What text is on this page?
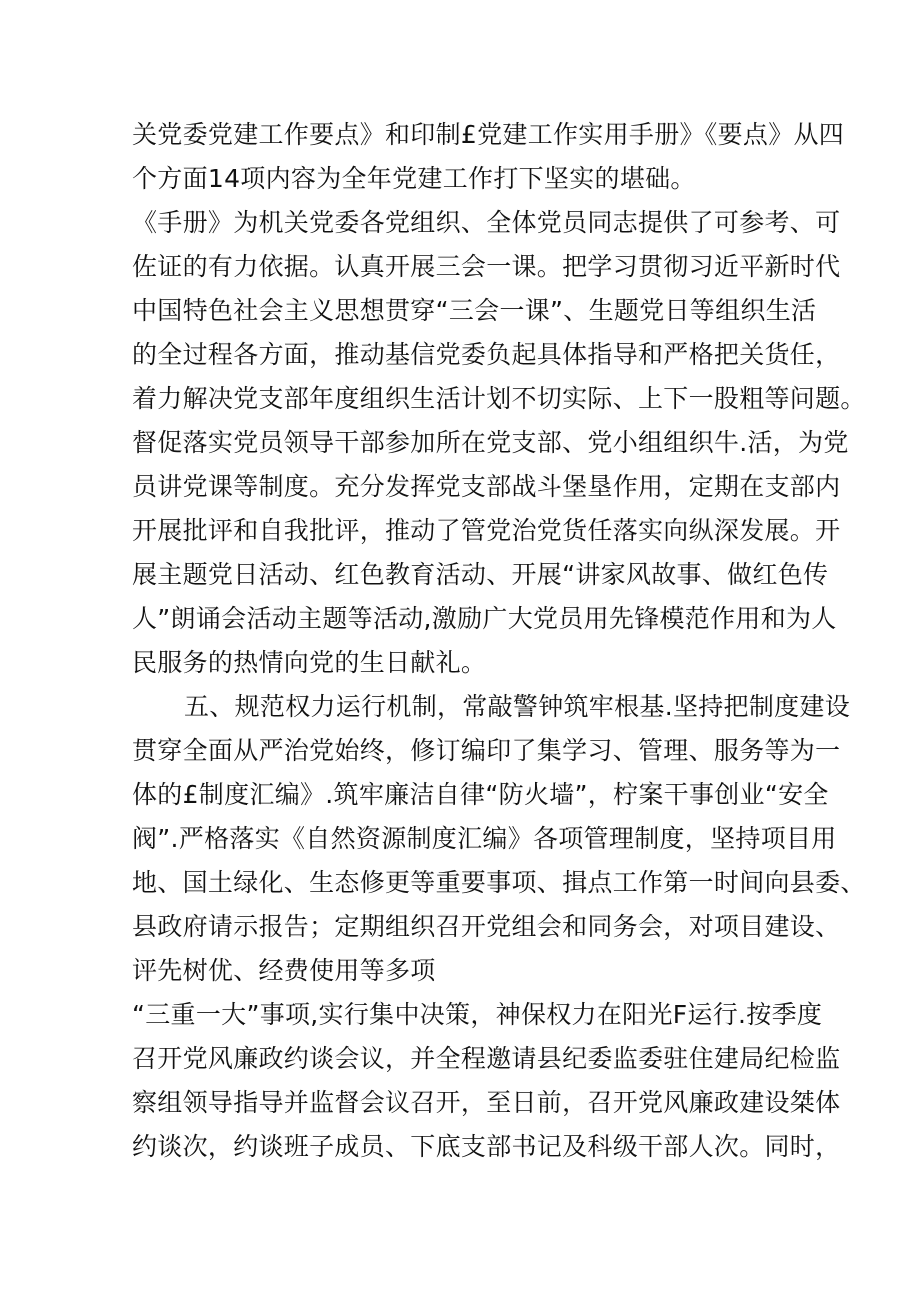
关党委党建工作要点》和印制£党建工作实用手册》《要点》从四
个方面14项内容为全年党建工作打下坚实的堪础。
《手册》为机关党委各党组织、全体党员同志提供了可参考、可
佐证的有力依据。认真开展三会一课。把学习贯彻习近平新时代
中国特色社会主义思想贯穿“三会一课”、生题党日等组织生活
的全过程各方面，推动基信党委负起具体指导和严格把关货任，
着力解决党支部年度组织生活计划不切实际、上下一股粗等问题。
督促落实党员领导干部参加所在党支部、党小组组织牛.活，为党
员讲党课等制度。充分发挥党支部战斗堡垦作用，定期在支部内
开展批评和自我批评，推动了管党治党货任落实向纵深发展。开
展主题党日活动、红色教育活动、开展“讲家风故事、做红色传
人”朗诵会活动主题等活动,激励广大党员用先锋模范作用和为人
民服务的热情向党的生日献礼。
五、规范权力运行机制，常敲警钟筑牢根基.坚持把制度建设
贯穿全面从严治党始终，修订编印了集学习、管理、服务等为一
体的£制度汇编》.筑牢廉洁自律“防火墙”，柠案干事创业“安全
阀”.严格落实《自然资源制度汇编》各项管理制度，坚持项目用
地、国土绿化、生态修更等重要事项、揖点工作第一时间向县委、
县政府请示报告；定期组织召开党组会和同务会，对项目建设、
评先树优、经费使用等多项
“三重一大”事项,实行集中决策，神保权力在阳光F运行.按季度
召开党风廉政约谈会议，并全程邀请县纪委监委驻住建局纪检监
察组领导指导并监督会议召开，至日前，召开党风廉政建设桀体
约谈次，约谈班子成员、下底支部书记及科级干部人次。同时，
